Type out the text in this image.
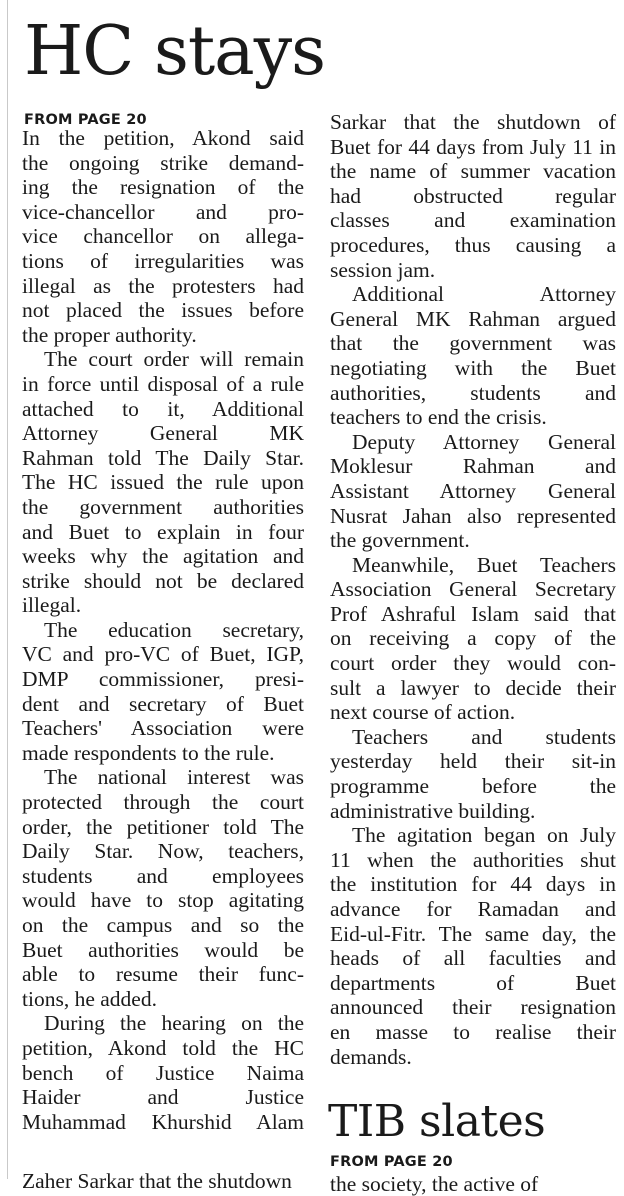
HC stays
FROM PAGE 20
In the petition, Akond said
the ongoing strike demand-
ing the resignation of the
vice-chancellor and pro-
vice chancellor on allega-
tions of irregularities was
illegal as the protesters had
not placed the issues before
the proper authority.
The court order will remain
in force until disposal of a rule
attached to it, Additional
Attorney General MK
Rahman told The Daily Star.
The HC issued the rule upon
the government authorities
and Buet to explain in four
weeks why the agitation and
strike should not be declared
illegal.
The education secretary,
VC and pro-VC of Buet, IGP,
DMP commissioner, presi-
dent and secretary of Buet
Teachers' Association were
made respondents to the rule.
The national interest was
protected through the court
order, the petitioner told The
Daily Star. Now, teachers,
students and employees
would have to stop agitating
on the campus and so the
Buet authorities would be
able to resume their func-
tions, he added.
During the hearing on the
petition, Akond told the HC
bench of Justice Naima
Haider and Justice
Muhammad Khurshid Alam
Zaher Sarkar that the shutdown
Sarkar that the shutdown of
Buet for 44 days from July 11 in
the name of summer vacation
had obstructed regular
classes and examination
procedures, thus causing a
session jam.
Additional Attorney
General MK Rahman argued
that the government was
negotiating with the Buet
authorities, students and
teachers to end the crisis.
Deputy Attorney General
Moklesur Rahman and
Assistant Attorney General
Nusrat Jahan also represented
the government.
Meanwhile, Buet Teachers
Association General Secretary
Prof Ashraful Islam said that
on receiving a copy of the
court order they would con-
sult a lawyer to decide their
next course of action.
Teachers and students
yesterday held their sit-in
programme before the
administrative building.
The agitation began on July
11 when the authorities shut
the institution for 44 days in
advance for Ramadan and
Eid-ul-Fitr. The same day, the
heads of all faculties and
departments of Buet
announced their resignation
en masse to realise their
demands.
TIB slates
FROM PAGE 20
the society, the active of
